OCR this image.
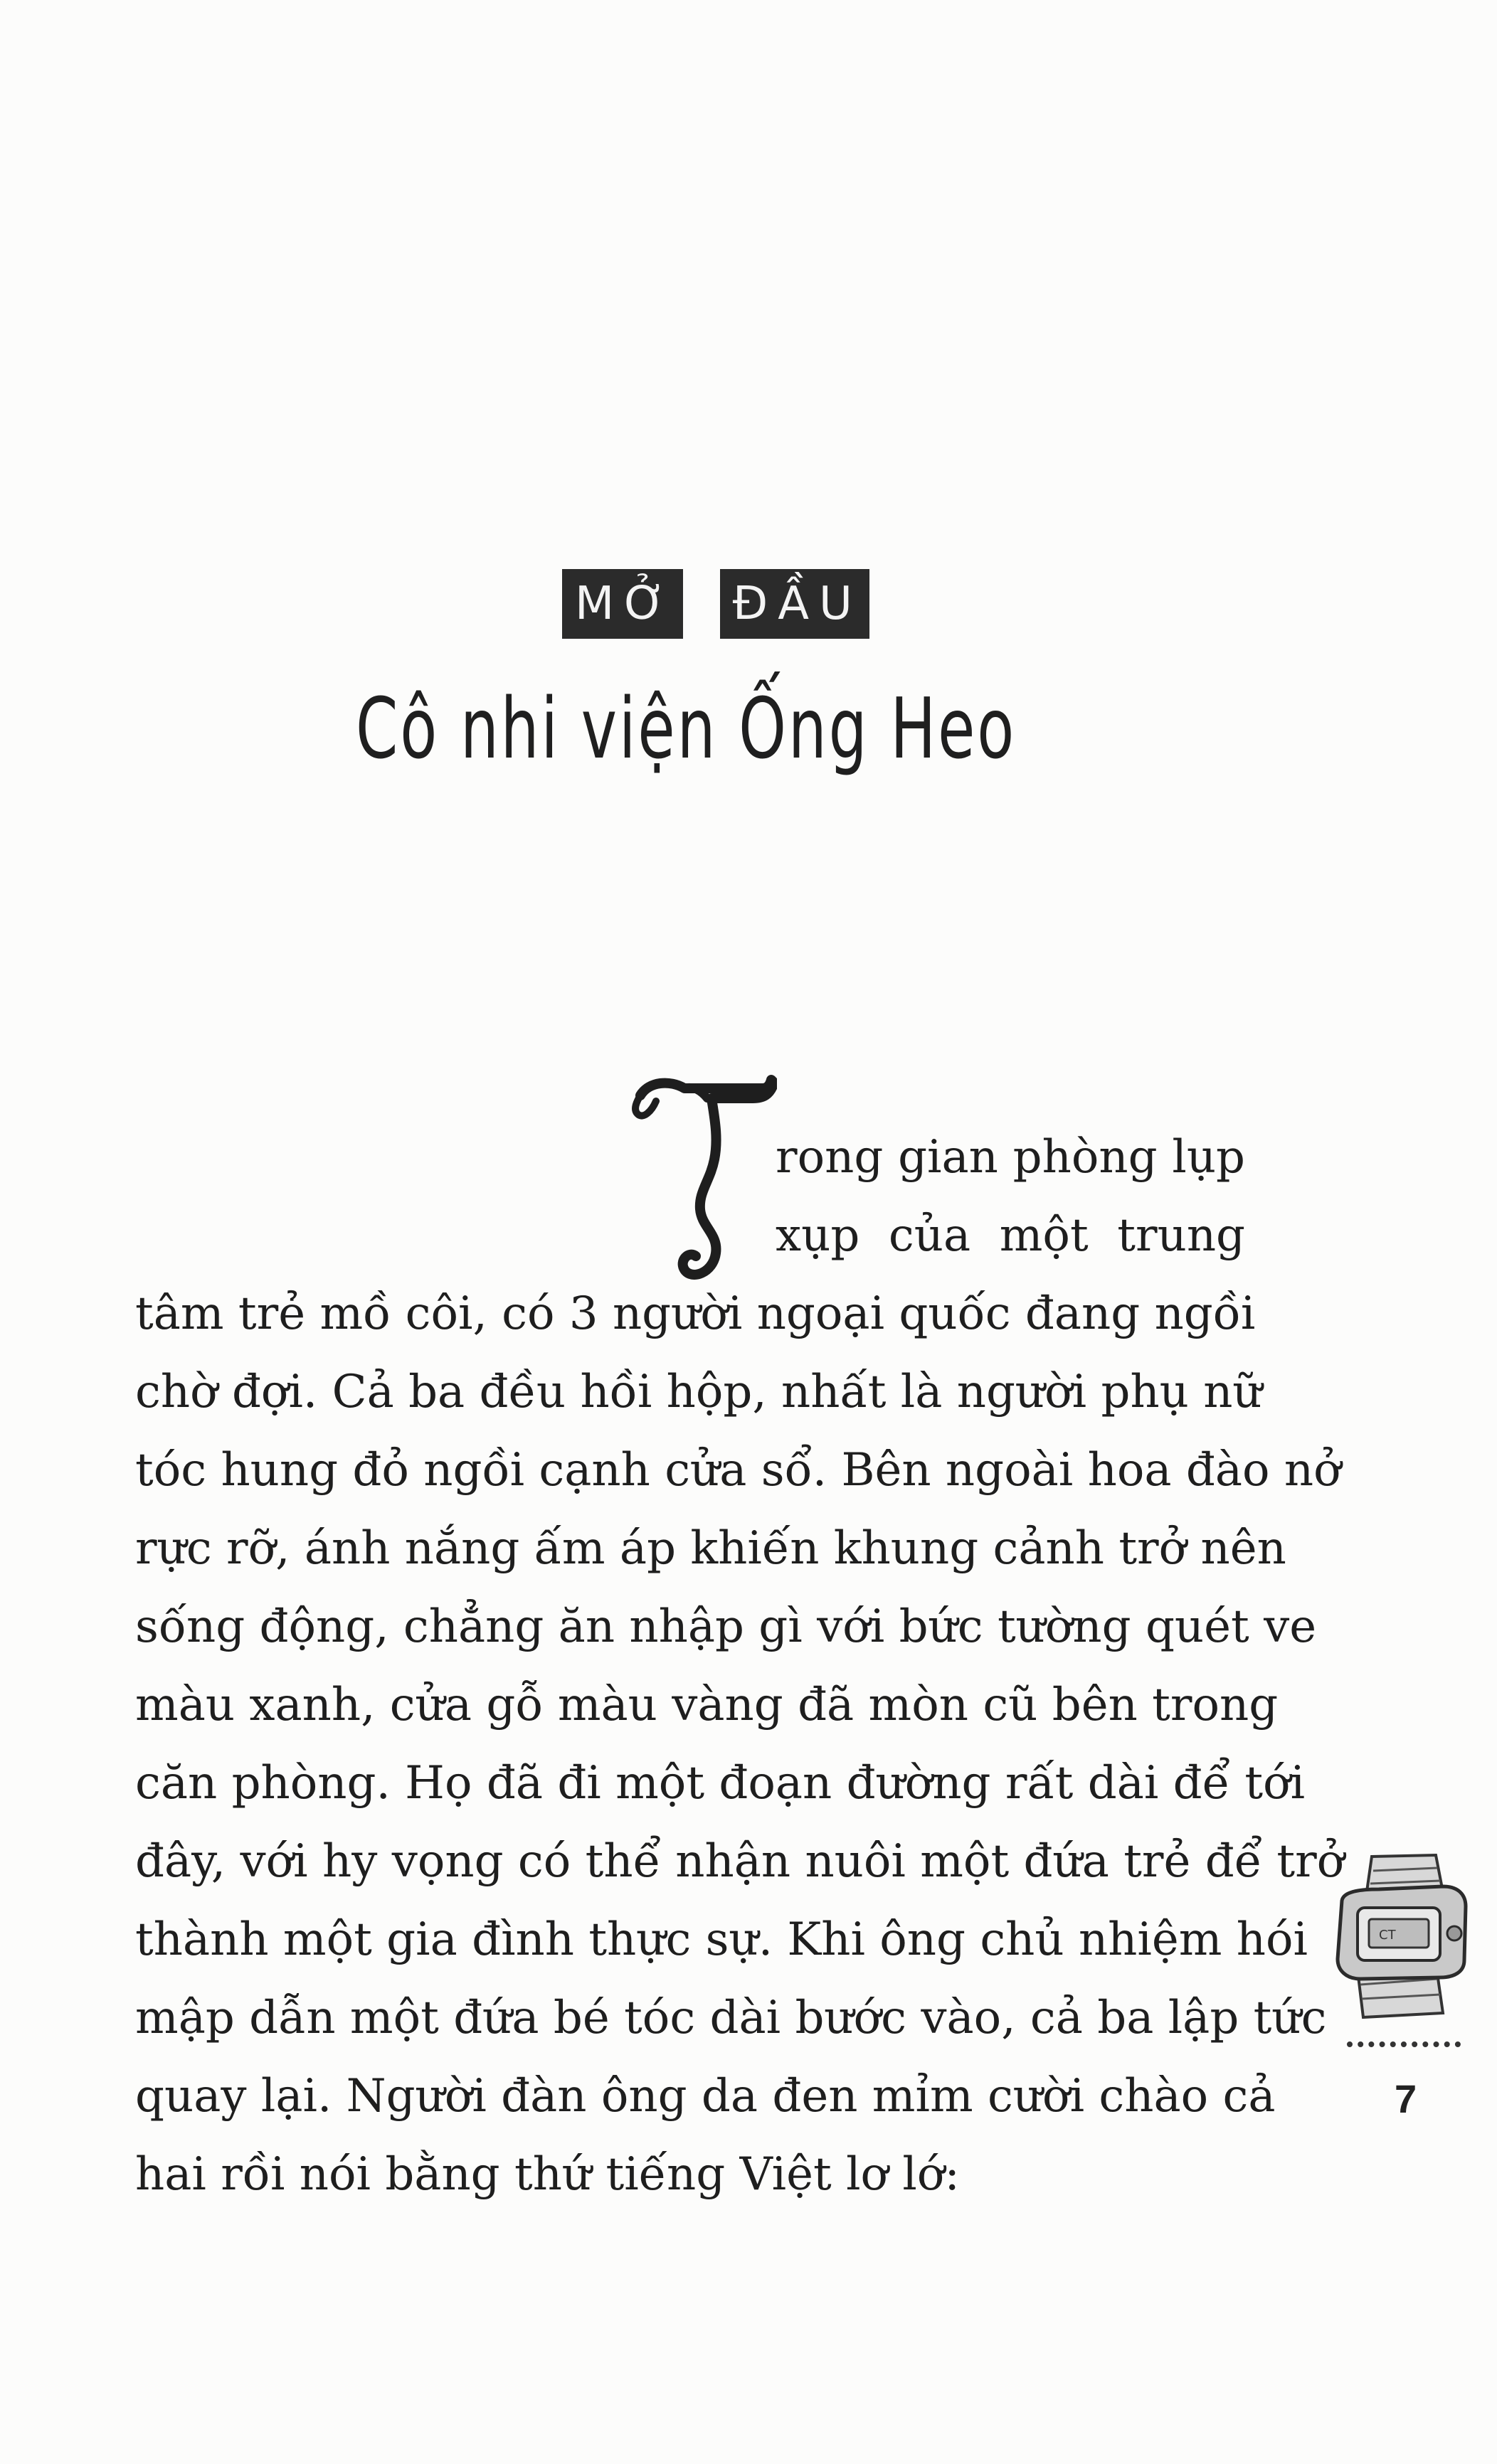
MỞ ĐẦU
Cô nhi viện Ống Heo

rong gian phòng lụp
xụp của một trung
tâm trẻ mồ côi, có 3 người ngoại quốc đang ngồi
chờ đợi. Cả ba đều hồi hộp, nhất là người phụ nữ
tóc hung đỏ ngồi cạnh cửa sổ. Bên ngoài hoa đào nở
rực rỡ, ánh nắng ấm áp khiến khung cảnh trở nên
sống động, chẳng ăn nhập gì với bức tường quét ve
màu xanh, cửa gỗ màu vàng đã mòn cũ bên trong
căn phòng. Họ đã đi một đoạn đường rất dài để tới
đây, với hy vọng có thể nhận nuôi một đứa trẻ để trở
thành một gia đình thực sự. Khi ông chủ nhiệm hói
mập dẫn một đứa bé tóc dài bước vào, cả ba lập tức
quay lại. Người đàn ông da đen mỉm cười chào cả
hai rồi nói bằng thứ tiếng Việt lơ lớ:

CT
7
